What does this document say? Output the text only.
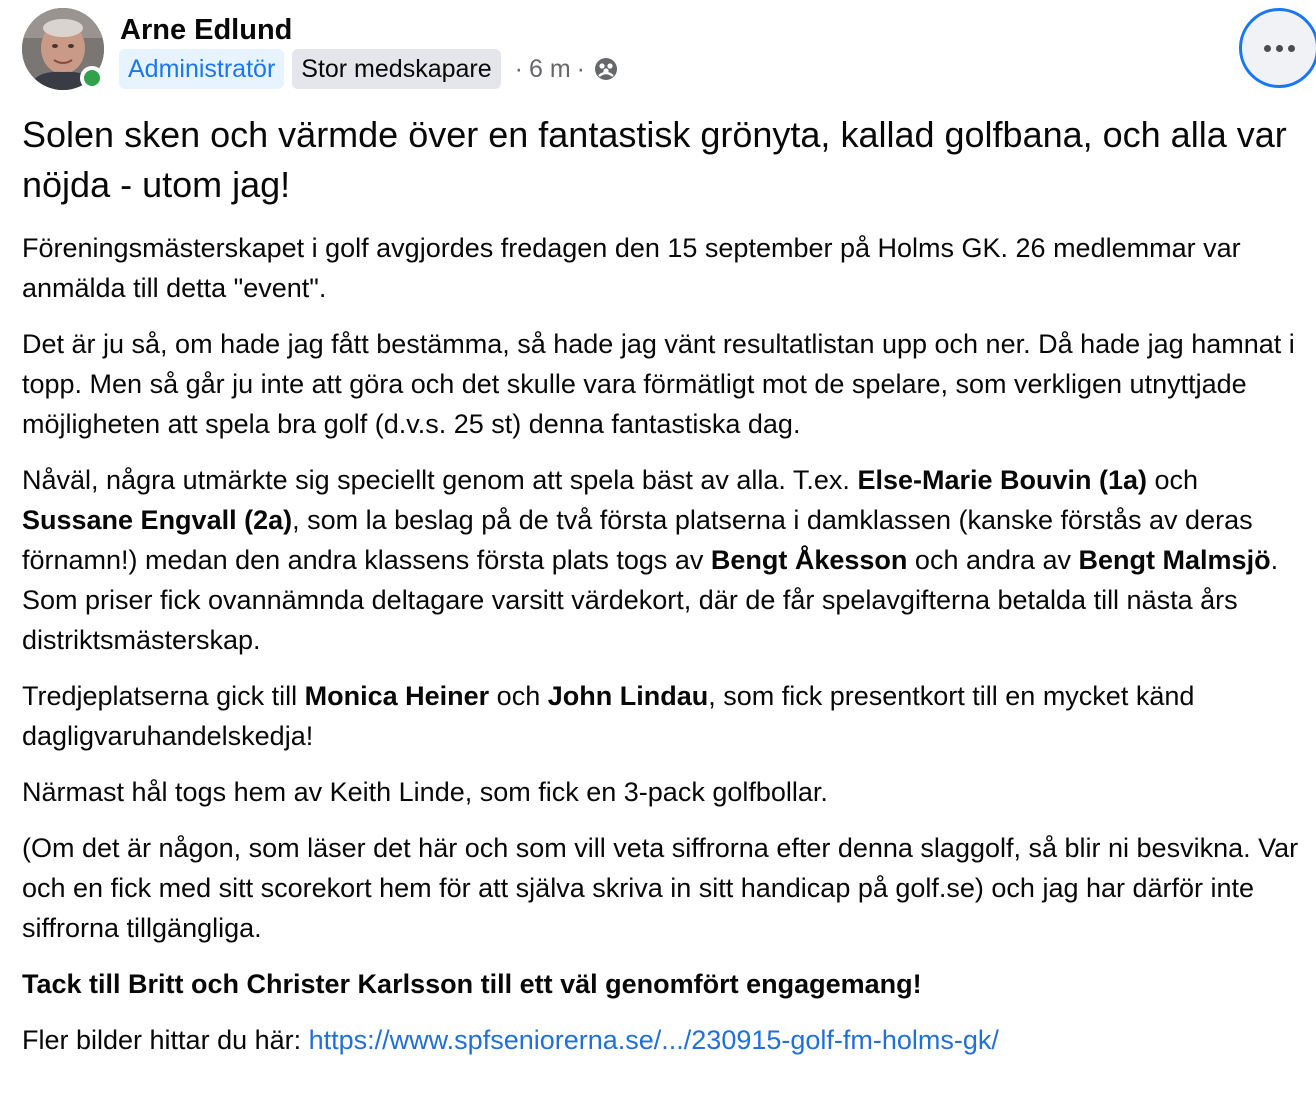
Arne Edlund
Administratör	Stor medskapare · 6 m ·
Solen sken och värmde över en fantastisk grönyta, kallad golfbana, och alla var nöjda - utom jag!

Föreningsmästerskapet i golf avgjordes fredagen den 15 september på Holms GK. 26 medlemmar var anmälda till detta "event".

Det är ju så, om hade jag fått bestämma, så hade jag vänt resultatlistan upp och ner. Då hade jag hamnat i topp. Men så går ju inte att göra och det skulle vara förmätligt mot de spelare, som verkligen utnyttjade möjligheten att spela bra golf (d.v.s. 25 st) denna fantastiska dag.

Nåväl, några utmärkte sig speciellt genom att spela bäst av alla. T.ex. Else-Marie Bouvin (1a) och Sussane Engvall (2a), som la beslag på de två första platserna i damklassen (kanske förstås av deras förnamn!) medan den andra klassens första plats togs av Bengt Åkesson och andra av Bengt Malmsjö. Som priser fick ovannämnda deltagare varsitt värdekort, där de får spelavgifterna betalda till nästa års distriktsmästerskap.

Tredjeplatserna gick till Monica Heiner och John Lindau, som fick presentkort till en mycket känd dagligvaruhandelskedja!

Närmast hål togs hem av Keith Linde, som fick en 3-pack golfbollar.

(Om det är någon, som läser det här och som vill veta siffrorna efter denna slaggolf, så blir ni besvikna. Var och en fick med sitt scorekort hem för att själva skriva in sitt handicap på golf.se) och jag har därför inte siffrorna tillgängliga.

Tack till Britt och Christer Karlsson till ett väl genomfört engagemang!

Fler bilder hittar du här: https://www.spfseniorerna.se/.../230915-golf-fm-holms-gk/
